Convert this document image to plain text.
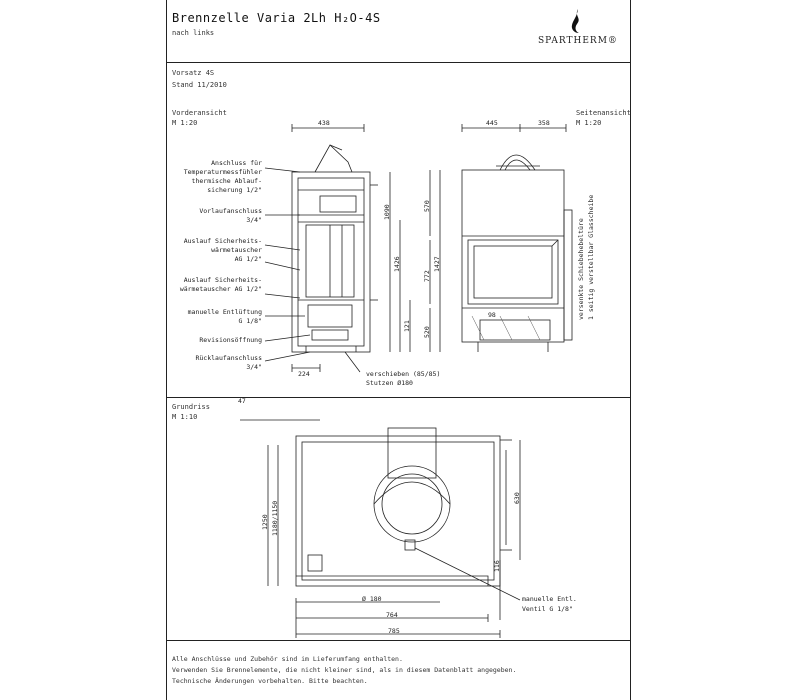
Brennzelle Varia 2Lh H₂O-4S
nach links
SPARTHERM®
Vorsatz 4S
Stand 11/2010
Vorderansicht
M 1:20
Seitenansicht
M 1:20
Grundriss
M 1:10
Anschluss für
Temperaturmessfühler
thermische Ablauf-
sicherung 1/2"
Vorlaufanschluss
3/4"
Auslauf Sicherheits-
wärmetauscher
AG 1/2"
Auslauf Sicherheits-
wärmetauscher AG 1/2"
manuelle Entlüftung
G 1/8"
Revisionsöffnung
Rücklaufanschluss
3/4"
438
1090
1426
121
224	verschieben (85/85)
Stutzen Ø180
445	358
570
1427
772
520
98	versenkte Schiebehebeltüre 1 seitig verstellbar Glasscheibe
47
1250 1180/1150
630
116
Ø 180
764
785
manuelle Entl.
Ventil G 1/8"
Alle Anschlüsse und Zubehör sind im Lieferumfang enthalten.
Verwenden Sie Brennelemente, die nicht kleiner sind, als in diesem Datenblatt angegeben.
Technische Änderungen vorbehalten. Bitte beachten.
